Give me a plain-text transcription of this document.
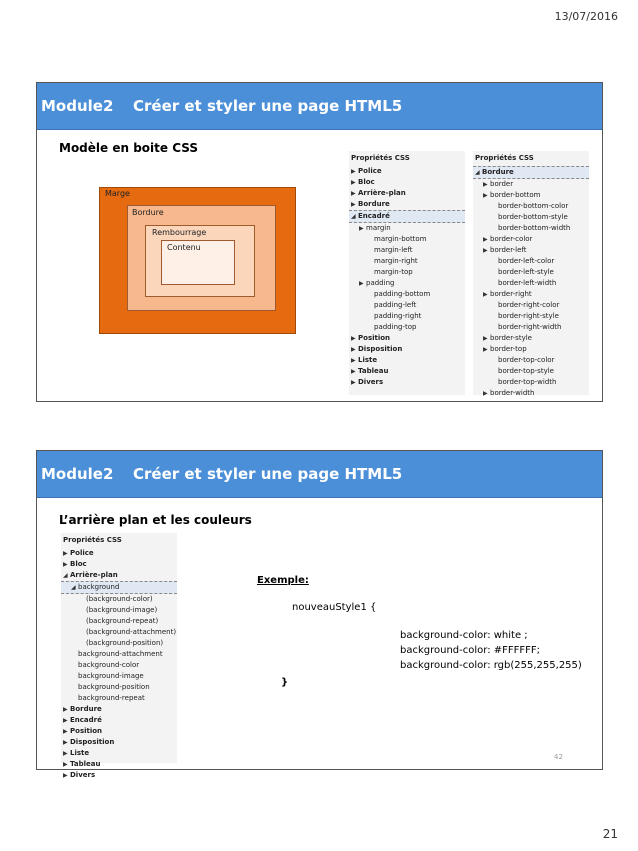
13/07/2016
Module2	Créer et styler une page HTML5
Modèle en boite CSS
Marge
Bordure
Rembourrage
Contenu
Propriétés CSS
▶ Police
▶ Bloc
▶ Arrière-plan
▶ Bordure
◢ Encadré
▶ margin
margin-bottom
margin-left
margin-right
margin-top
▶ padding
padding-bottom
padding-left
padding-right
padding-top
▶ Position
▶ Disposition
▶ Liste
▶ Tableau
▶ Divers
Propriétés CSS
◢ Bordure
▶ border
▶ border-bottom
border-bottom-color
border-bottom-style
border-bottom-width
▶ border-color
▶ border-left
border-left-color
border-left-style
border-left-width
▶ border-right
border-right-color
border-right-style
border-right-width
▶ border-style
▶ border-top
border-top-color
border-top-style
border-top-width
▶ border-width
Module2	Créer et styler une page HTML5
L’arrière plan et les couleurs
Propriétés CSS
▶ Police
▶ Bloc
◢ Arrière-plan
◢ background
(background-color)
(background-image)
(background-repeat)
(background-attachment)
(background-position)
background-attachment
background-color
background-image
background-position
background-repeat
▶ Bordure
▶ Encadré
▶ Position
▶ Disposition
▶ Liste
▶ Tableau
▶ Divers
Exemple:
nouveauStyle1 {
background-color: white ;
background-color: #FFFFFF;
background-color: rgb(255,255,255)
}
42
21
